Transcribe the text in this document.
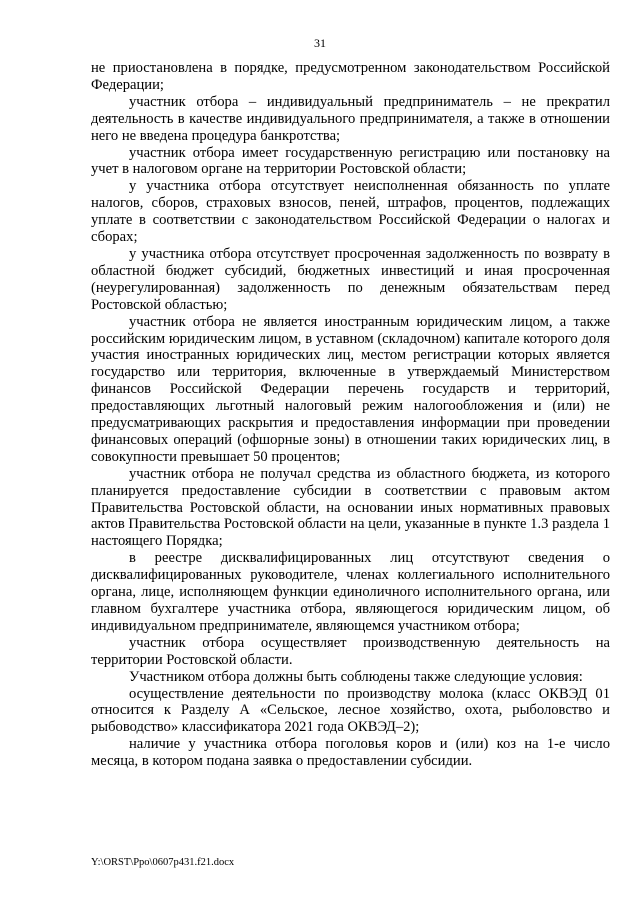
31

не приостановлена в порядке, предусмотренном законодательством Российской Федерации;

участник отбора – индивидуальный предприниматель – не прекратил деятельность в качестве индивидуального предпринимателя, а также в отношении него не введена процедура банкротства;

участник отбора имеет государственную регистрацию или постановку на учет в налоговом органе на территории Ростовской области;

у участника отбора отсутствует неисполненная обязанность по уплате налогов, сборов, страховых взносов, пеней, штрафов, процентов, подлежащих уплате в соответствии с законодательством Российской Федерации о налогах и сборах;

у участника отбора отсутствует просроченная задолженность по возврату в областной бюджет субсидий, бюджетных инвестиций и иная просроченная (неурегулированная) задолженность по денежным обязательствам перед Ростовской областью;

участник отбора не является иностранным юридическим лицом, а также российским юридическим лицом, в уставном (складочном) капитале которого доля участия иностранных юридических лиц, местом регистрации которых является государство или территория, включенные в утверждаемый Министерством финансов Российской Федерации перечень государств и территорий, предоставляющих льготный налоговый режим налогообложения и (или) не предусматривающих раскрытия и предоставления информации при проведении финансовых операций (офшорные зоны) в отношении таких юридических лиц, в совокупности превышает 50 процентов;

участник отбора не получал средства из областного бюджета, из которого планируется предоставление субсидии в соответствии с правовым актом Правительства Ростовской области, на основании иных нормативных правовых актов Правительства Ростовской области на цели, указанные в пункте 1.3 раздела 1 настоящего Порядка;

в реестре дисквалифицированных лиц отсутствуют сведения о дисквалифицированных руководителе, членах коллегиального исполнительного органа, лице, исполняющем функции единоличного исполнительного органа, или главном бухгалтере участника отбора, являющегося юридическим лицом, об индивидуальном предпринимателе, являющемся участником отбора;

участник отбора осуществляет производственную деятельность на территории Ростовской области.

Участником отбора должны быть соблюдены также следующие условия:

осуществление деятельности по производству молока (класс ОКВЭД 01 относится к Разделу А «Сельское, лесное хозяйство, охота, рыболовство и рыбоводство» классификатора 2021 года ОКВЭД–2);

наличие у участника отбора поголовья коров и (или) коз на 1-е число месяца, в котором подана заявка о предоставлении субсидии.

Y:\ORST\Ppo\0607p431.f21.docx
